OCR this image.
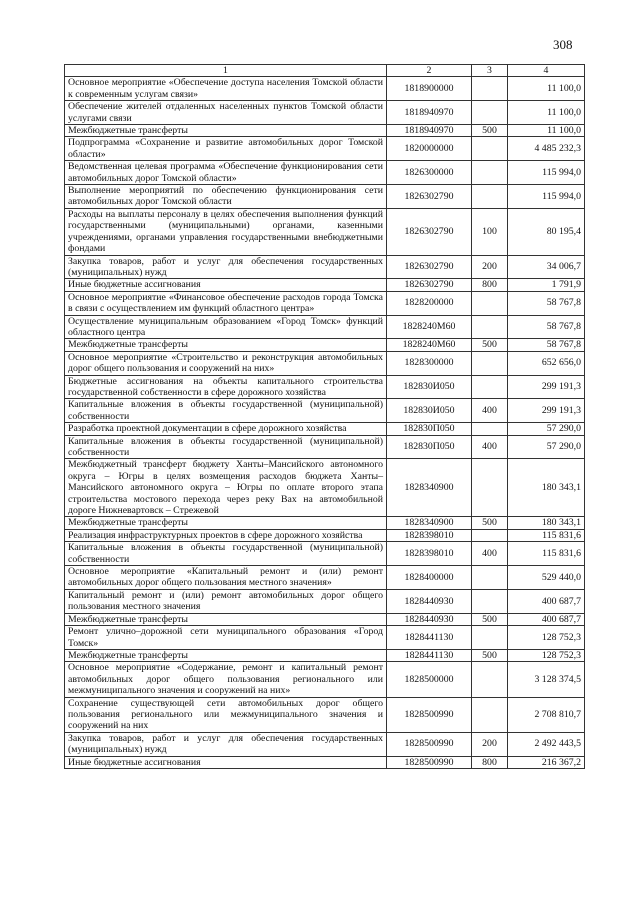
308
1	2	3	4
Основное мероприятие «Обеспечение доступа населения Томской области к современным услугам связи»	1818900000		11 100,0
Обеспечение жителей отдаленных населенных пунктов Томской области услугами связи	1818940970		11 100,0
Межбюджетные трансферты	1818940970	500	11 100,0
Подпрограмма «Сохранение и развитие автомобильных дорог Томской области»	1820000000		4 485 232,3
Ведомственная целевая программа «Обеспечение функционирования сети автомобильных дорог Томской области»	1826300000		115 994,0
Выполнение мероприятий по обеспечению функционирования сети автомобильных дорог Томской области	1826302790		115 994,0
Расходы на выплаты персоналу в целях обеспечения выполнения функций государственными (муниципальными) органами, казенными учреждениями, органами управления государственными внебюджетными фондами	1826302790	100	80 195,4
Закупка товаров, работ и услуг для обеспечения государственных (муниципальных) нужд	1826302790	200	34 006,7
Иные бюджетные ассигнования	1826302790	800	1 791,9
Основное мероприятие «Финансовое обеспечение расходов города Томска в связи с осуществлением им функций областного центра»	1828200000		58 767,8
Осуществление муниципальным образованием «Город Томск» функций областного центра	1828240М60		58 767,8
Межбюджетные трансферты	1828240М60	500	58 767,8
Основное мероприятие «Строительство и реконструкция автомобильных дорог общего пользования и сооружений на них»	1828300000		652 656,0
Бюджетные ассигнования на объекты капитального строительства государственной собственности в сфере дорожного хозяйства	182830И050		299 191,3
Капитальные вложения в объекты государственной (муниципальной) собственности	182830И050	400	299 191,3
Разработка проектной документации в сфере дорожного хозяйства	182830П050		57 290,0
Капитальные вложения в объекты государственной (муниципальной) собственности	182830П050	400	57 290,0
Межбюджетный трансферт бюджету Ханты–Мансийского автономного округа – Югры в целях возмещения расходов бюджета Ханты–Мансийского автономного округа – Югры по оплате второго этапа строительства мостового перехода через реку Вах на автомобильной дороге Нижневартовск – Стрежевой	1828340900		180 343,1
Межбюджетные трансферты	1828340900	500	180 343,1
Реализация инфраструктурных проектов в сфере дорожного хозяйства	1828398010		115 831,6
Капитальные вложения в объекты государственной (муниципальной) собственности	1828398010	400	115 831,6
Основное мероприятие «Капитальный ремонт и (или) ремонт автомобильных дорог общего пользования местного значения»	1828400000		529 440,0
Капитальный ремонт и (или) ремонт автомобильных дорог общего пользования местного значения	1828440930		400 687,7
Межбюджетные трансферты	1828440930	500	400 687,7
Ремонт улично–дорожной сети муниципального образования «Город Томск»	1828441130		128 752,3
Межбюджетные трансферты	1828441130	500	128 752,3
Основное мероприятие «Содержание, ремонт и капитальный ремонт автомобильных дорог общего пользования регионального или межмуниципального значения и сооружений на них»	1828500000		3 128 374,5
Сохранение существующей сети автомобильных дорог общего пользования регионального или межмуниципального значения и сооружений на них	1828500990		2 708 810,7
Закупка товаров, работ и услуг для обеспечения государственных (муниципальных) нужд	1828500990	200	2 492 443,5
Иные бюджетные ассигнования	1828500990	800	216 367,2
